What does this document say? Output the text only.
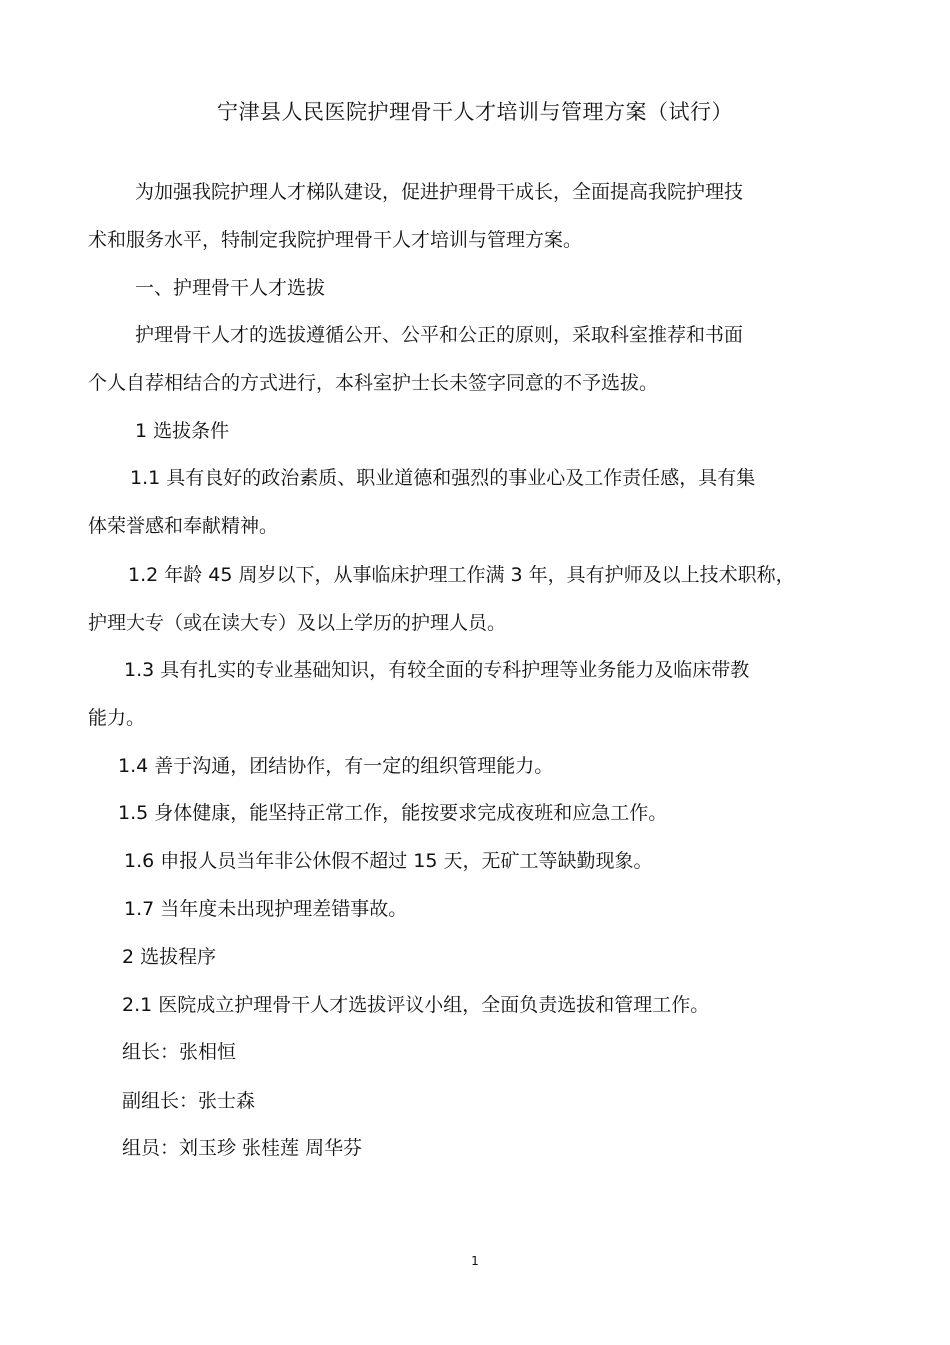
宁津县人民医院护理骨干人才培训与管理方案（试行）
为加强我院护理人才梯队建设，促进护理骨干成长，全面提高我院护理技
术和服务水平，特制定我院护理骨干人才培训与管理方案。
一、护理骨干人才选拔
护理骨干人才的选拔遵循公开、公平和公正的原则，采取科室推荐和书面
个人自荐相结合的方式进行，本科室护士长未签字同意的不予选拔。
1 选拔条件
1.1 具有良好的政治素质、职业道德和强烈的事业心及工作责任感，具有集
体荣誉感和奉献精神。
1.2 年龄 45 周岁以下，从事临床护理工作满 3 年，具有护师及以上技术职称，
护理大专（或在读大专）及以上学历的护理人员。
1.3 具有扎实的专业基础知识，有较全面的专科护理等业务能力及临床带教
能力。
1.4 善于沟通，团结协作，有一定的组织管理能力。
1.5 身体健康，能坚持正常工作，能按要求完成夜班和应急工作。
1.6 申报人员当年非公休假不超过 15 天，无矿工等缺勤现象。
1.7 当年度未出现护理差错事故。
2 选拔程序
2.1 医院成立护理骨干人才选拔评议小组，全面负责选拔和管理工作。
组长：张相恒
副组长：张士森
组员：刘玉珍 张桂莲 周华芬
1
